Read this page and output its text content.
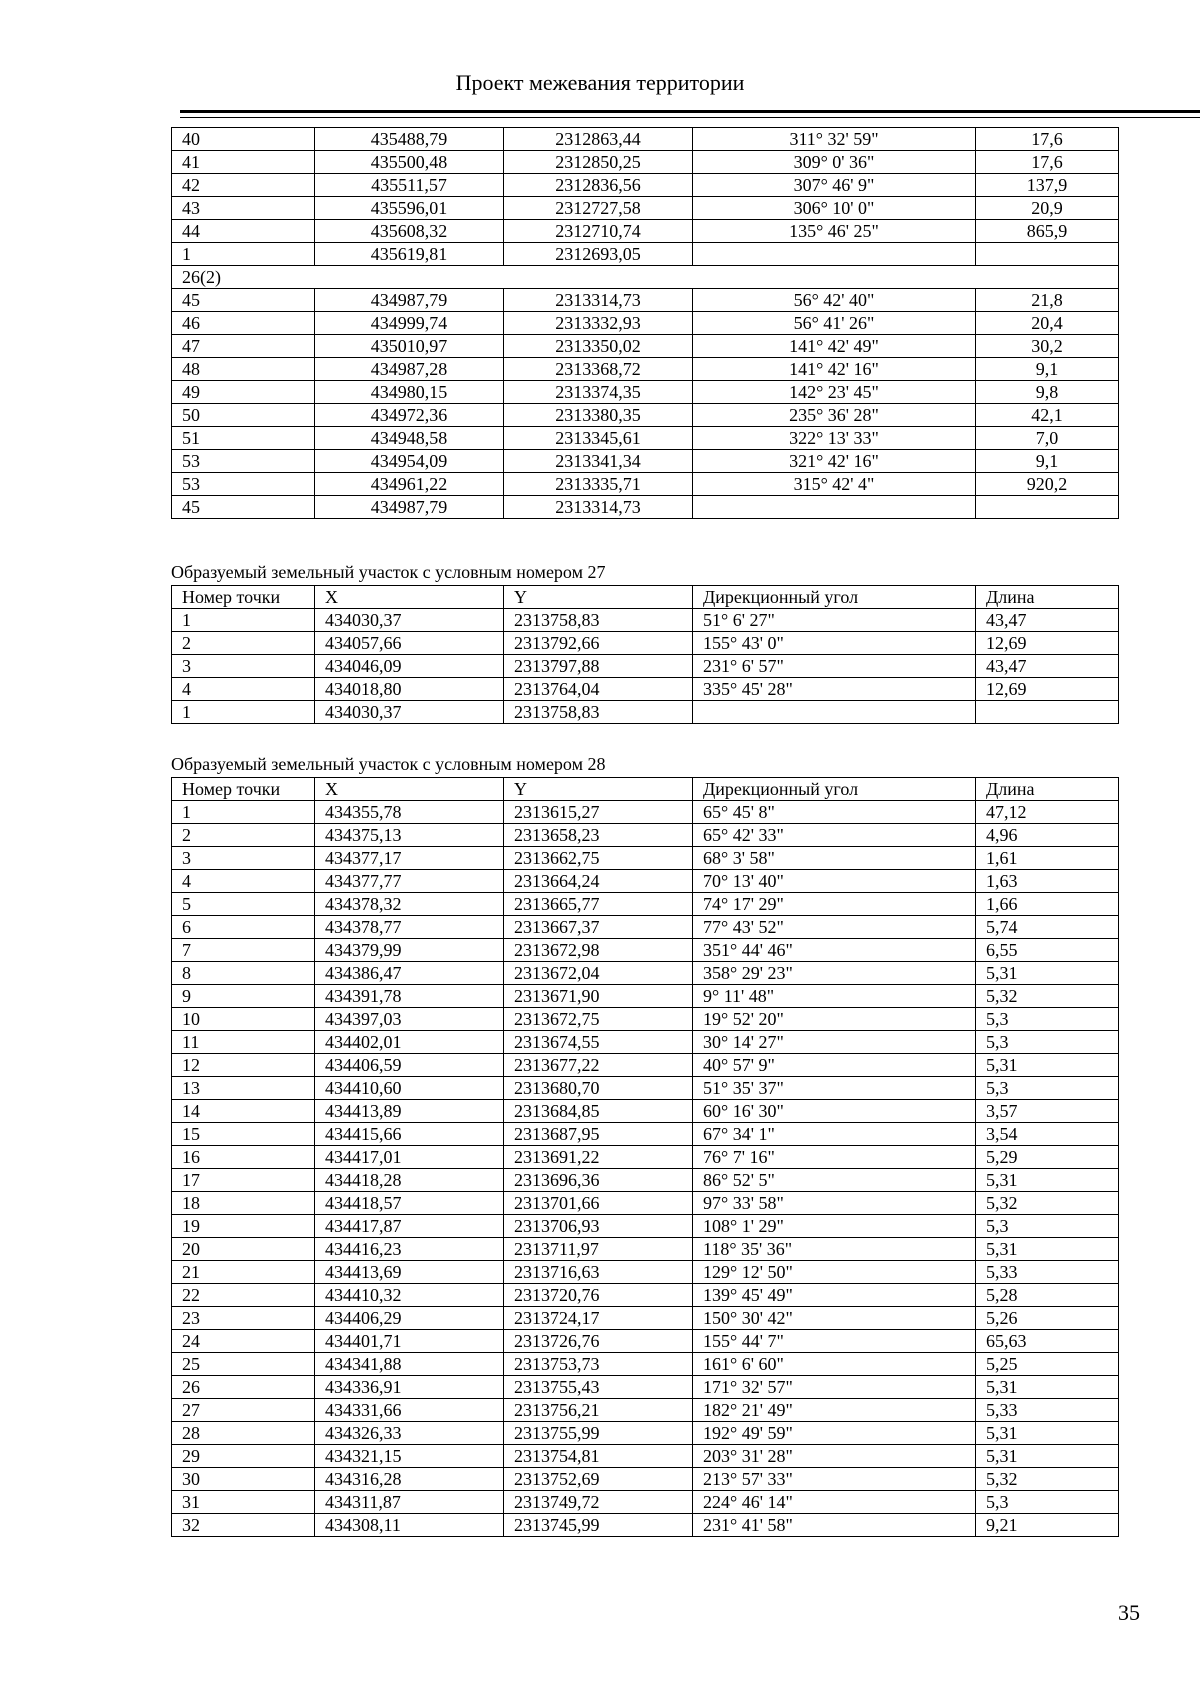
Проект межевания территории
40	435488,79	2312863,44	311° 32' 59"	17,6
41	435500,48	2312850,25	309° 0' 36"	17,6
42	435511,57	2312836,56	307° 46' 9"	137,9
43	435596,01	2312727,58	306° 10' 0"	20,9
44	435608,32	2312710,74	135° 46' 25"	865,9
1	435619,81	2312693,05		
26(2)				
45	434987,79	2313314,73	56° 42' 40"	21,8
46	434999,74	2313332,93	56° 41' 26"	20,4
47	435010,97	2313350,02	141° 42' 49"	30,2
48	434987,28	2313368,72	141° 42' 16"	9,1
49	434980,15	2313374,35	142° 23' 45"	9,8
50	434972,36	2313380,35	235° 36' 28"	42,1
51	434948,58	2313345,61	322° 13' 33"	7,0
53	434954,09	2313341,34	321° 42' 16"	9,1
53	434961,22	2313335,71	315° 42' 4"	920,2
45	434987,79	2313314,73		
Образуемый земельный участок с условным номером 27
Номер точки	X	Y	Дирекционный угол	Длина
1	434030,37	2313758,83	51° 6' 27"	43,47
2	434057,66	2313792,66	155° 43' 0"	12,69
3	434046,09	2313797,88	231° 6' 57"	43,47
4	434018,80	2313764,04	335° 45' 28"	12,69
1	434030,37	2313758,83		
Образуемый земельный участок с условным номером 28
Номер точки	X	Y	Дирекционный угол	Длина
1	434355,78	2313615,27	65° 45' 8"	47,12
2	434375,13	2313658,23	65° 42' 33"	4,96
3	434377,17	2313662,75	68° 3' 58"	1,61
4	434377,77	2313664,24	70° 13' 40"	1,63
5	434378,32	2313665,77	74° 17' 29"	1,66
6	434378,77	2313667,37	77° 43' 52"	5,74
7	434379,99	2313672,98	351° 44' 46"	6,55
8	434386,47	2313672,04	358° 29' 23"	5,31
9	434391,78	2313671,90	9° 11' 48"	5,32
10	434397,03	2313672,75	19° 52' 20"	5,3
11	434402,01	2313674,55	30° 14' 27"	5,3
12	434406,59	2313677,22	40° 57' 9"	5,31
13	434410,60	2313680,70	51° 35' 37"	5,3
14	434413,89	2313684,85	60° 16' 30"	3,57
15	434415,66	2313687,95	67° 34' 1"	3,54
16	434417,01	2313691,22	76° 7' 16"	5,29
17	434418,28	2313696,36	86° 52' 5"	5,31
18	434418,57	2313701,66	97° 33' 58"	5,32
19	434417,87	2313706,93	108° 1' 29"	5,3
20	434416,23	2313711,97	118° 35' 36"	5,31
21	434413,69	2313716,63	129° 12' 50"	5,33
22	434410,32	2313720,76	139° 45' 49"	5,28
23	434406,29	2313724,17	150° 30' 42"	5,26
24	434401,71	2313726,76	155° 44' 7"	65,63
25	434341,88	2313753,73	161° 6' 60"	5,25
26	434336,91	2313755,43	171° 32' 57"	5,31
27	434331,66	2313756,21	182° 21' 49"	5,33
28	434326,33	2313755,99	192° 49' 59"	5,31
29	434321,15	2313754,81	203° 31' 28"	5,31
30	434316,28	2313752,69	213° 57' 33"	5,32
31	434311,87	2313749,72	224° 46' 14"	5,3
32	434308,11	2313745,99	231° 41' 58"	9,21
35
